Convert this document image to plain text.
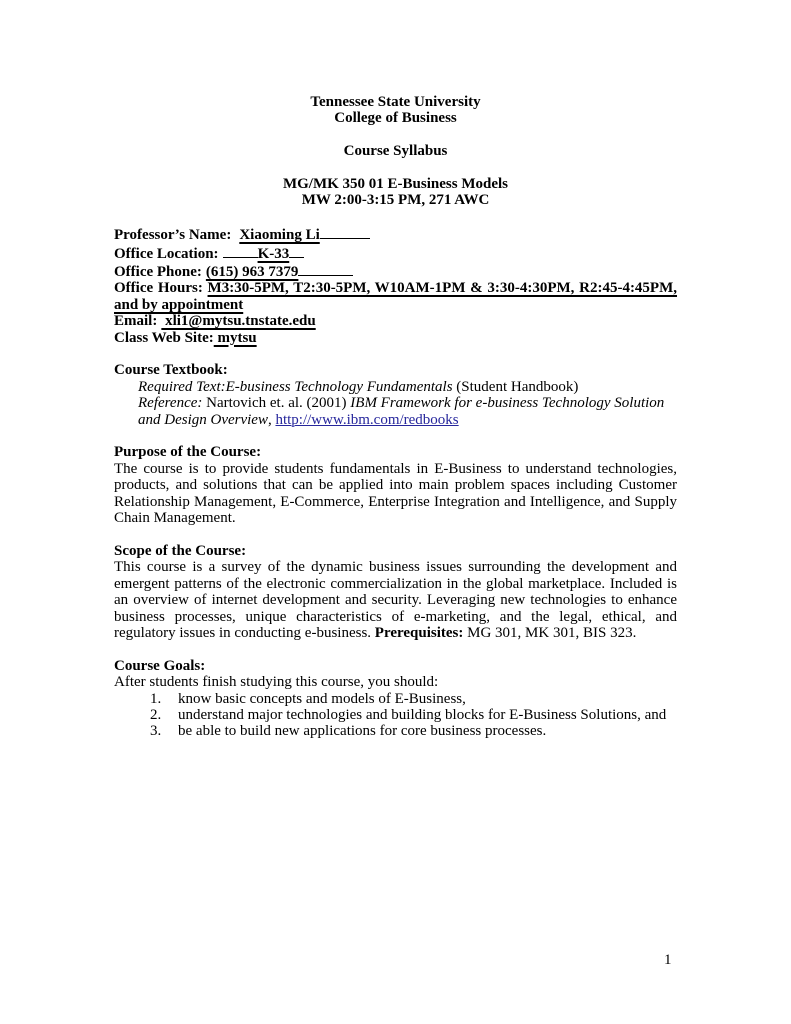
Tennessee State University

College of Business

Course Syllabus

MG/MK 350 01 E-Business Models

MW 2:00-3:15 PM, 271 AWC

Professor’s Name: Xiaoming Li

Office Location:	K-33

Office Phone: (615) 963 7379

Office Hours: M3:30-5PM, T2:30-5PM, W10AM-1PM & 3:30-4:30PM, R2:45-4:45PM, and by appointment

Email: xli1@mytsu.tnstate.edu

Class Web Site: mytsu

Course Textbook:

Required Text:E-business Technology Fundamentals (Student Handbook)

Reference: Nartovich et. al. (2001) IBM Framework for e-business Technology Solution and Design Overview, http://www.ibm.com/redbooks

Purpose of the Course:

The course is to provide students fundamentals in E-Business to understand technologies, products, and solutions that can be applied into main problem spaces including Customer Relationship Management, E-Commerce, Enterprise Integration and Intelligence, and Supply Chain Management.

Scope of the Course:

This course is a survey of the dynamic business issues surrounding the development and emergent patterns of the electronic commercialization in the global marketplace. Included is an overview of internet development and security. Leveraging new technologies to enhance business processes, unique characteristics of e-marketing, and the legal, ethical, and regulatory issues in conducting e-business. Prerequisites: MG 301, MK 301, BIS 323.

Course Goals:

After students finish studying this course, you should:

1.	know basic concepts and models of E-Business,
2.	understand major technologies and building blocks for E-Business Solutions, and
3.	be able to build new applications for core business processes.
1
